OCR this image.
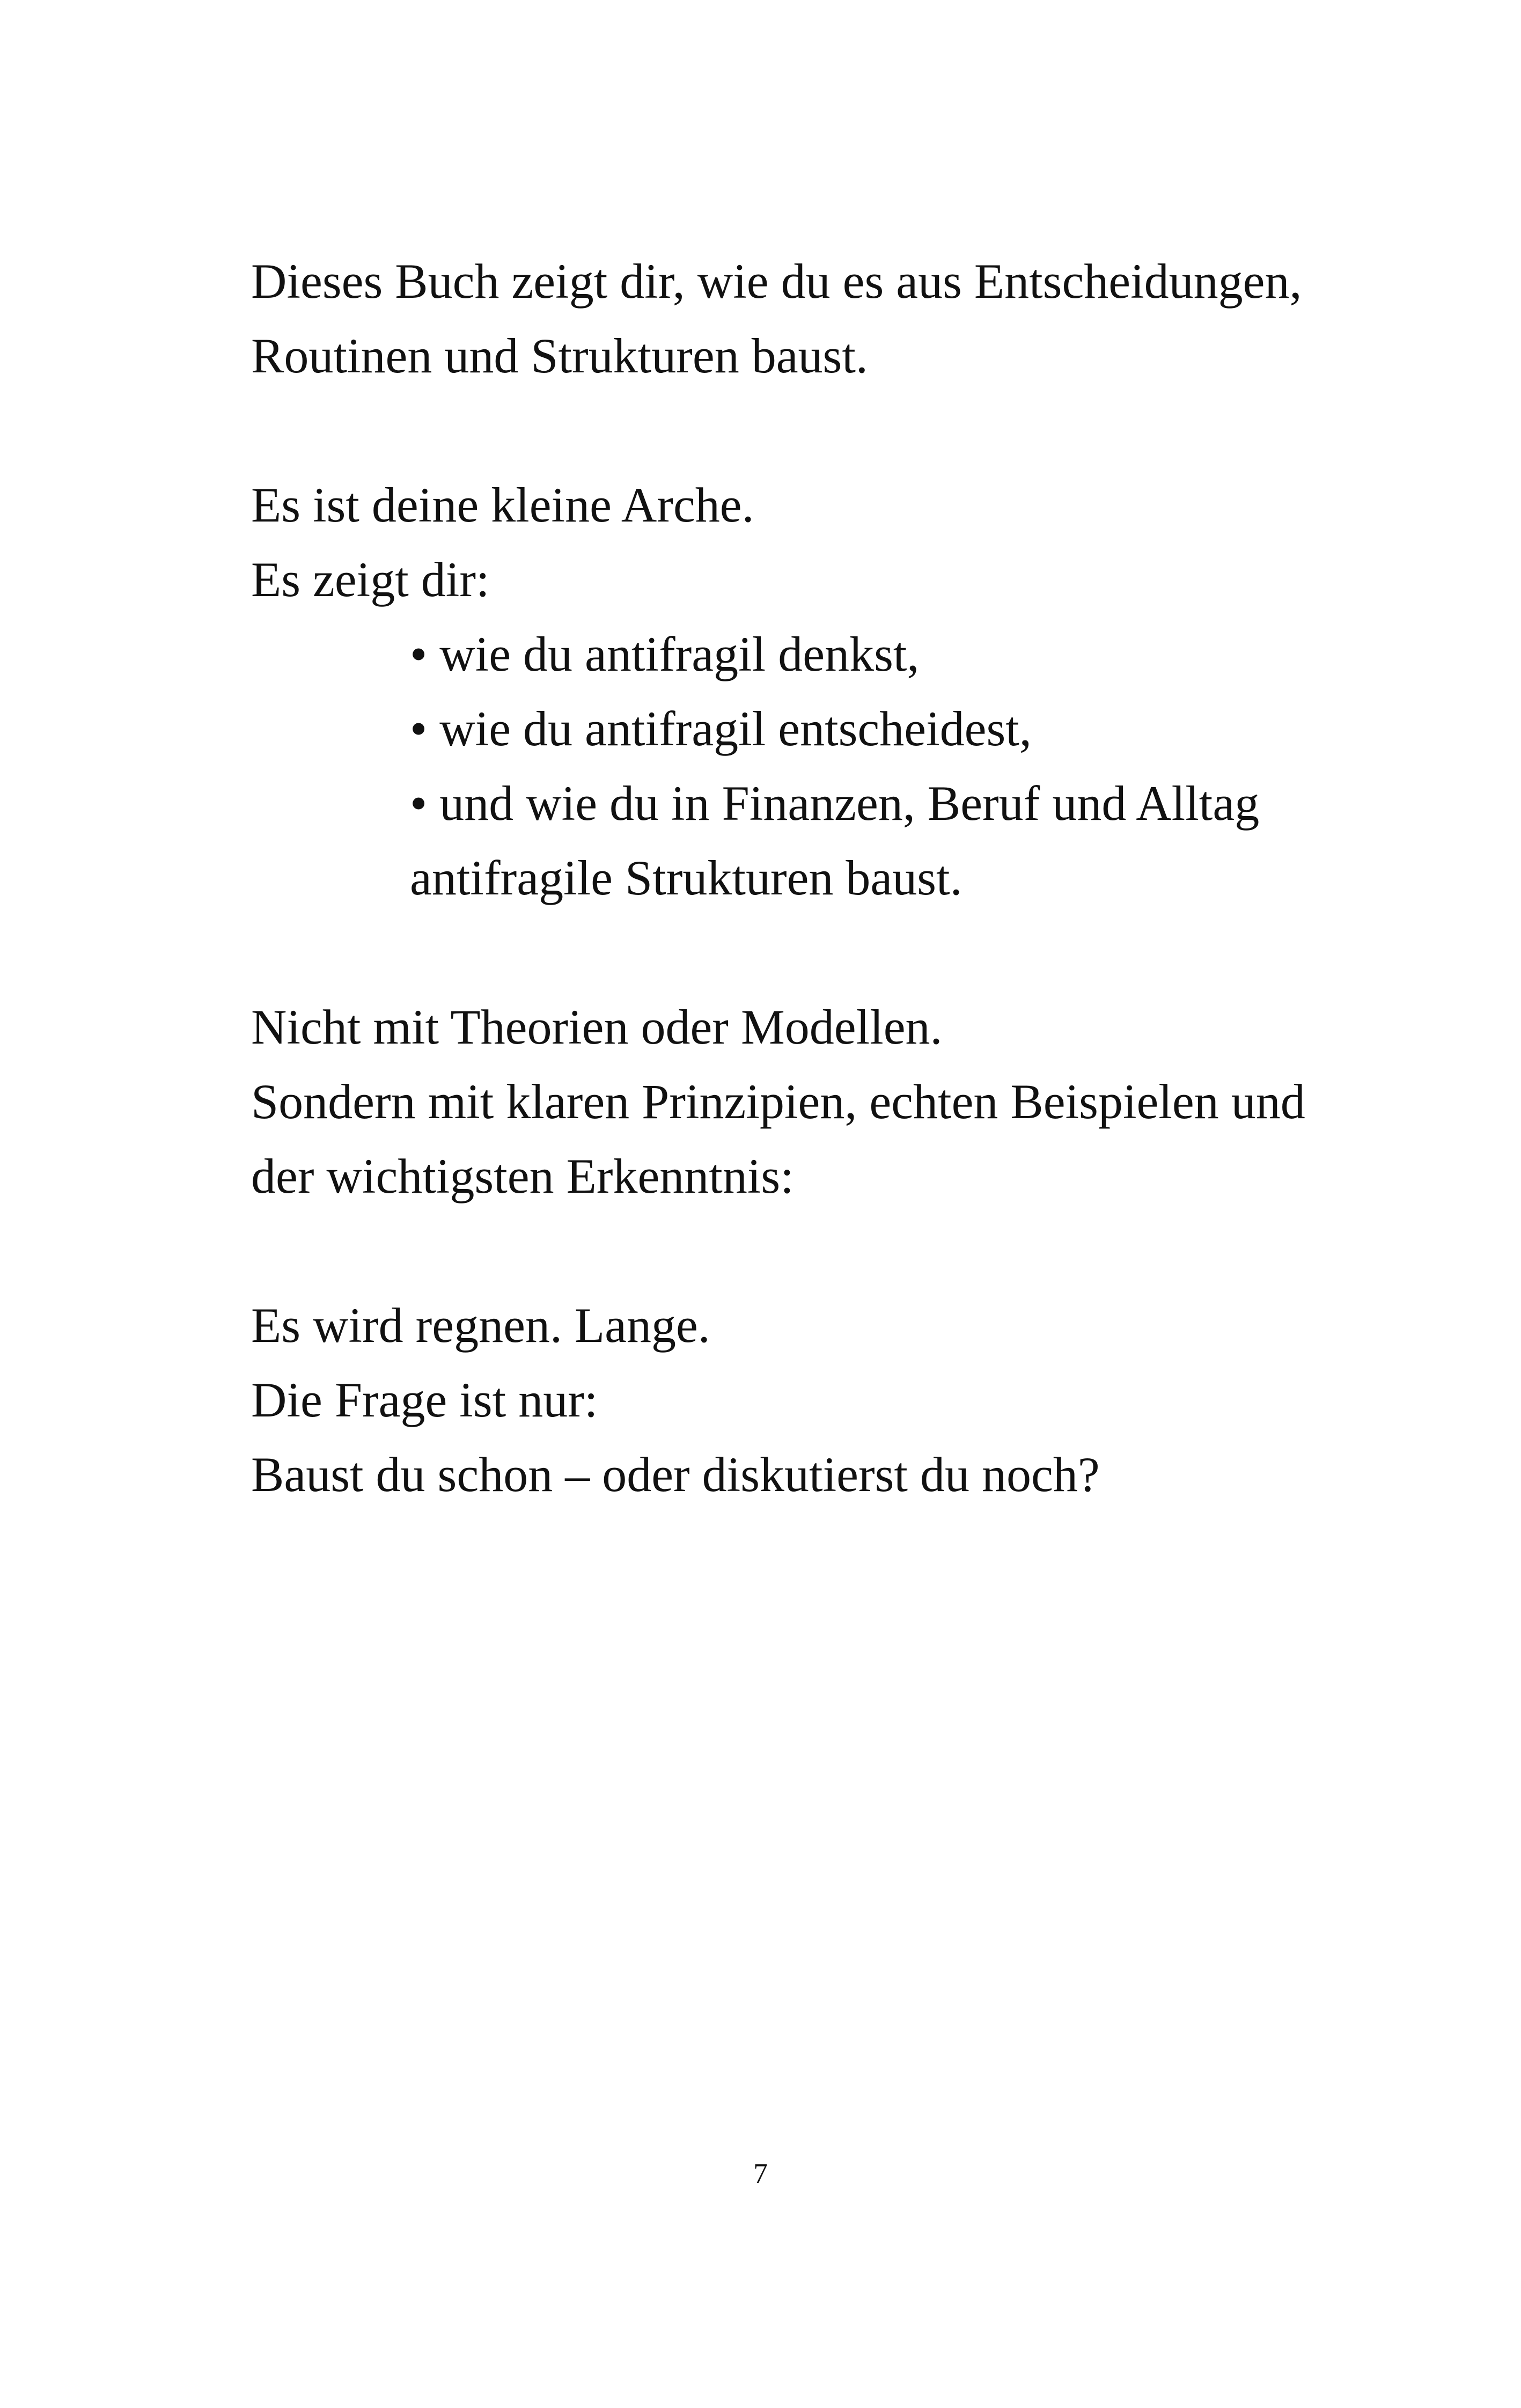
Dieses Buch zeigt dir, wie du es aus Entscheidungen,

Routinen und Strukturen baust.

Es ist deine kleine Arche.

Es zeigt dir:

• wie du antifragil denkst,
• wie du antifragil entscheidest,
• und wie du in Finanzen, Beruf und Alltag
antifragile Strukturen baust.

Nicht mit Theorien oder Modellen.

Sondern mit klaren Prinzipien, echten Beispielen und

der wichtigsten Erkenntnis:

Es wird regnen. Lange.

Die Frage ist nur:

Baust du schon – oder diskutierst du noch?

7
